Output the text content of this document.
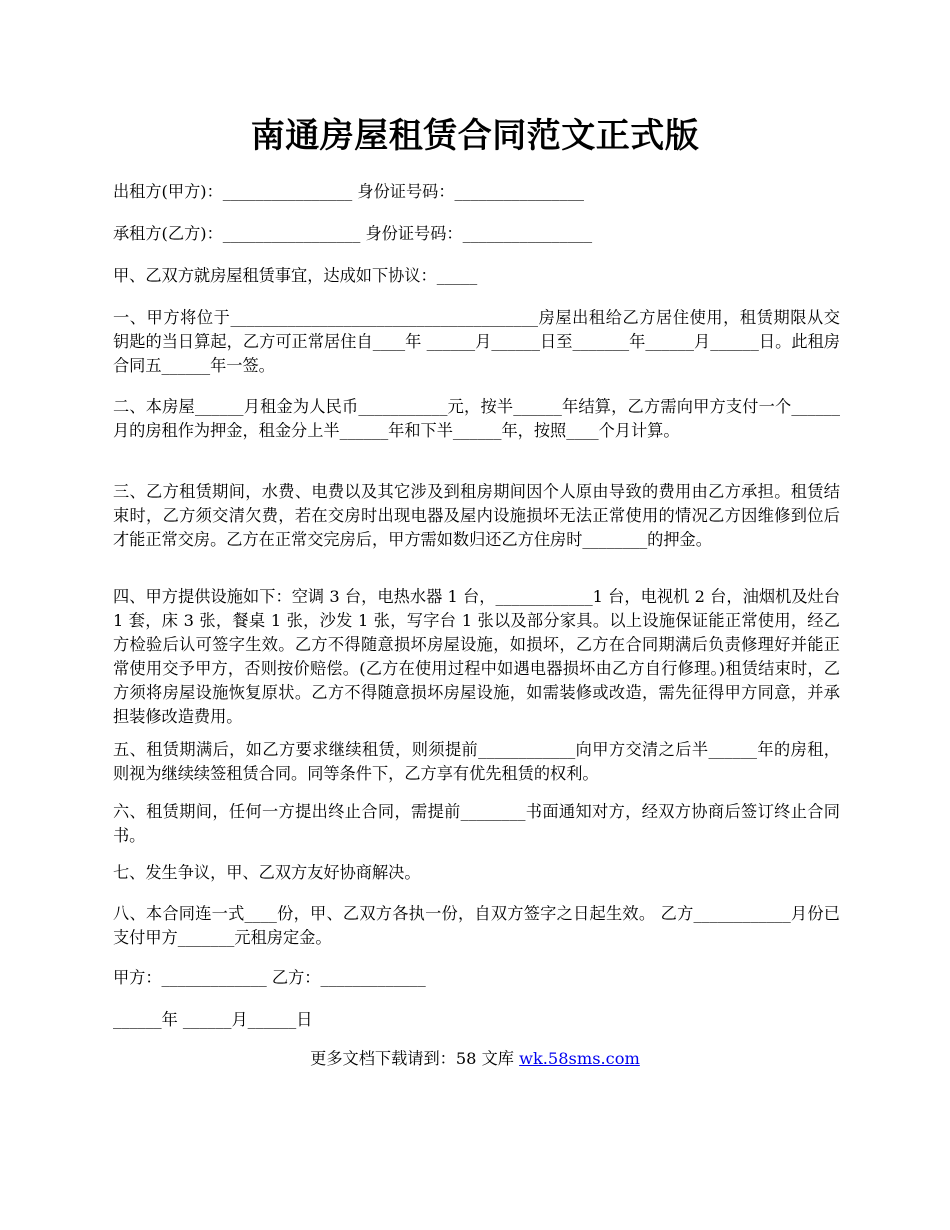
南通房屋租赁合同范文正式版

出租方(甲方)：________________ 身份证号码：________________

承租方(乙方)：_________________ 身份证号码：________________

甲、乙双方就房屋租赁事宜，达成如下协议：_____

一、甲方将位于______________________________________房屋出租给乙方居住使用，租赁期限从交钥匙的当日算起，乙方可正常居住自____年 ______月______日至_______年______月______日。此租房合同五______年一签。

二、本房屋______月租金为人民币___________元，按半______年结算，乙方需向甲方支付一个______月的房租作为押金，租金分上半______年和下半______年，按照____个月计算。

三、乙方租赁期间，水费、电费以及其它涉及到租房期间因个人原由导致的费用由乙方承担。租赁结束时，乙方须交清欠费，若在交房时出现电器及屋内设施损坏无法正常使用的情况乙方因维修到位后才能正常交房。乙方在正常交完房后，甲方需如数归还乙方住房时________的押金。

四、甲方提供设施如下：空调 3 台，电热水器 1 台，____________1 台，电视机 2 台，油烟机及灶台 1 套，床 3 张，餐桌 1 张，沙发 1 张，写字台 1 张以及部分家具。以上设施保证能正常使用，经乙方检验后认可签字生效。乙方不得随意损坏房屋设施，如损坏，乙方在合同期满后负责修理好并能正常使用交予甲方，否则按价赔偿。(乙方在使用过程中如遇电器损坏由乙方自行修理。)租赁结束时，乙方须将房屋设施恢复原状。乙方不得随意损坏房屋设施，如需装修或改造，需先征得甲方同意，并承担装修改造费用。

五、租赁期满后，如乙方要求继续租赁，则须提前____________向甲方交清之后半______年的房租，则视为继续续签租赁合同。同等条件下，乙方享有优先租赁的权利。

六、租赁期间，任何一方提出终止合同，需提前________书面通知对方，经双方协商后签订终止合同书。

七、发生争议，甲、乙双方友好协商解决。

八、本合同连一式____份，甲、乙双方各执一份，自双方签字之日起生效。 乙方____________月份已支付甲方_______元租房定金。

甲方：_____________ 乙方：_____________

______年 ______月______日

更多文档下载请到：58 文库 wk.58sms.com
